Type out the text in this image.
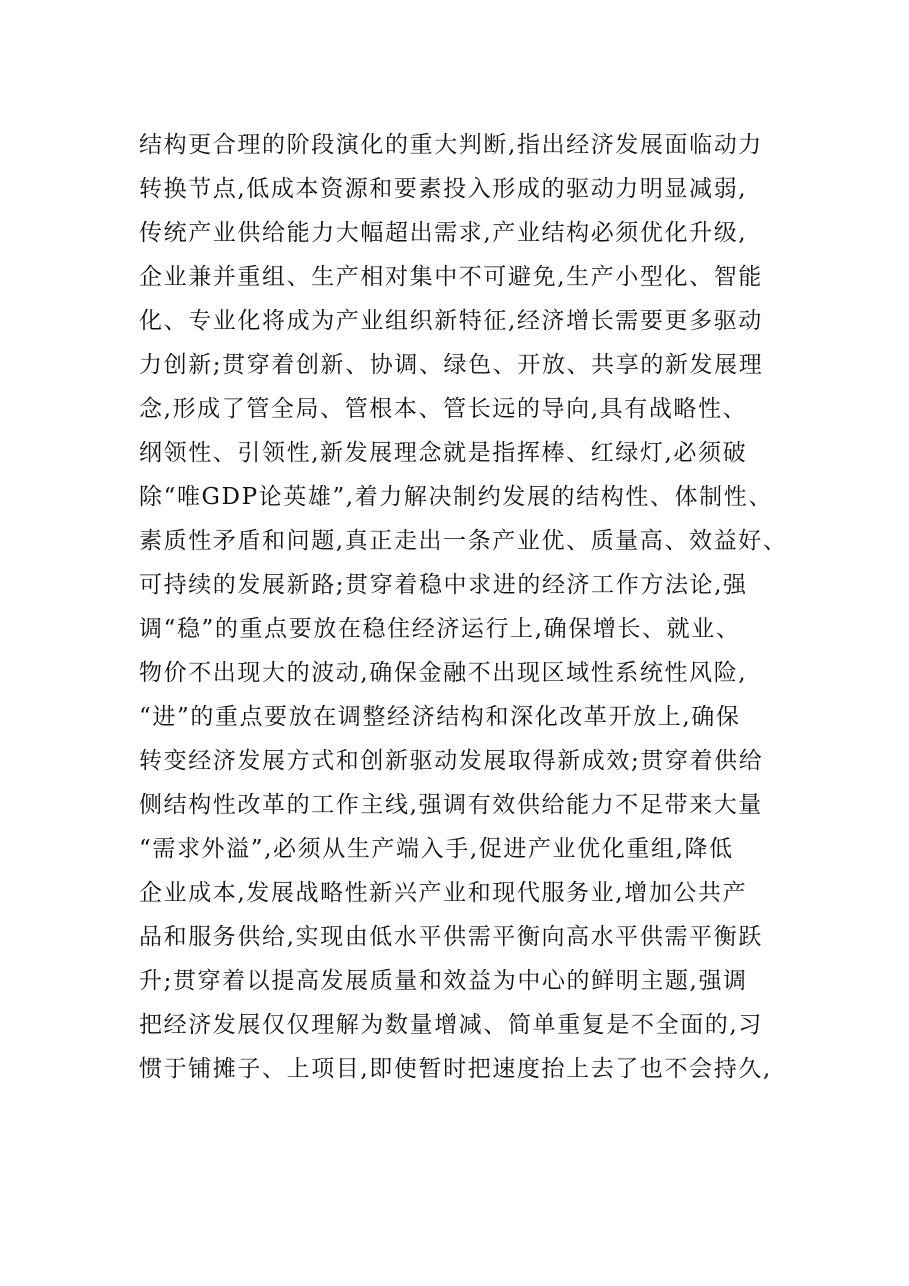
结构更合理的阶段演化的重大判断,指出经济发展面临动力
转换节点,低成本资源和要素投入形成的驱动力明显减弱,
传统产业供给能力大幅超出需求,产业结构必须优化升级,
企业兼并重组、生产相对集中不可避免,生产小型化、智能
化、专业化将成为产业组织新特征,经济增长需要更多驱动
力创新;贯穿着创新、协调、绿色、开放、共享的新发展理
念,形成了管全局、管根本、管长远的导向,具有战略性、
纲领性、引领性,新发展理念就是指挥棒、红绿灯,必须破
除“唯GDP论英雄”,着力解决制约发展的结构性、体制性、
素质性矛盾和问题,真正走出一条产业优、质量高、效益好、
可持续的发展新路;贯穿着稳中求进的经济工作方法论,强
调“稳”的重点要放在稳住经济运行上,确保增长、就业、
物价不出现大的波动,确保金融不出现区域性系统性风险,
“进”的重点要放在调整经济结构和深化改革开放上,确保
转变经济发展方式和创新驱动发展取得新成效;贯穿着供给
侧结构性改革的工作主线,强调有效供给能力不足带来大量
“需求外溢”,必须从生产端入手,促进产业优化重组,降低
企业成本,发展战略性新兴产业和现代服务业,增加公共产
品和服务供给,实现由低水平供需平衡向高水平供需平衡跃
升;贯穿着以提高发展质量和效益为中心的鲜明主题,强调
把经济发展仅仅理解为数量增减、简单重复是不全面的,习
惯于铺摊子、上项目,即使暂时把速度抬上去了也不会持久,
